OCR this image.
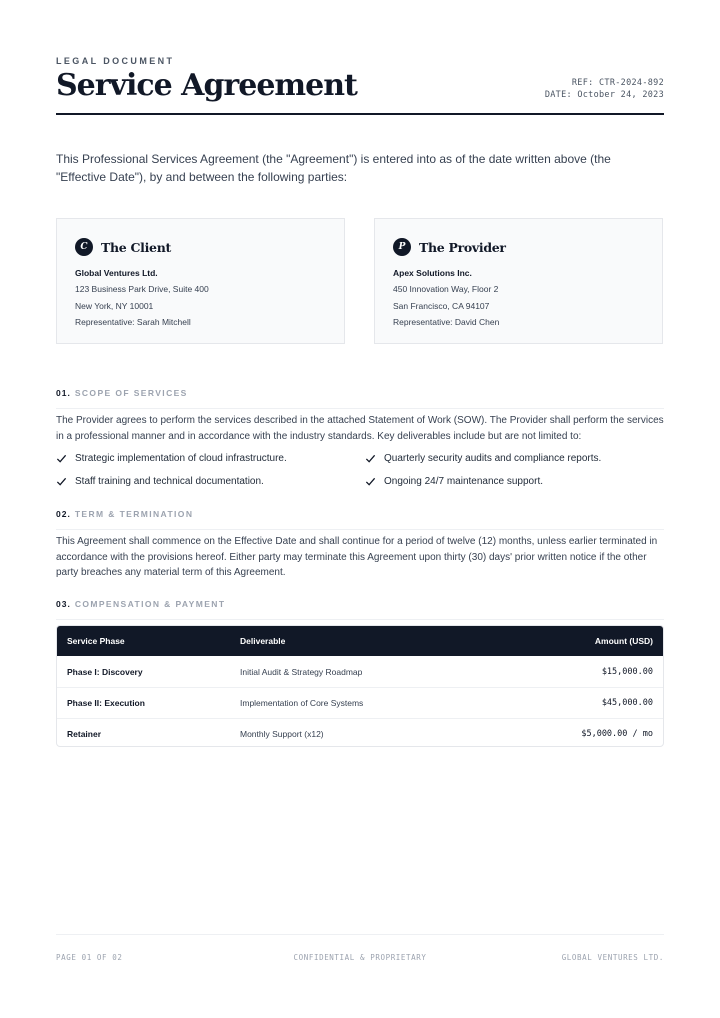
LEGAL DOCUMENT
Service Agreement	REF: CTR-2024-892
DATE: October 24, 2023

This Professional Services Agreement (the "Agreement") is entered into as of the date written above (the "Effective Date"), by and between the following parties:

C	The Client
Global Ventures Ltd.
123 Business Park Drive, Suite 400
New York, NY 10001
Representative: Sarah Mitchell
P	The Provider
Apex Solutions Inc.
450 Innovation Way, Floor 2
San Francisco, CA 94107
Representative: David Chen
01. SCOPE OF SERVICES

The Provider agrees to perform the services described in the attached Statement of Work (SOW). The Provider shall perform the services in a professional manner and in accordance with the industry standards. Key deliverables include but are not limited to:

Strategic implementation of cloud infrastructure.	Quarterly security audits and compliance reports.
Staff training and technical documentation.	Ongoing 24/7 maintenance support.
02. TERM & TERMINATION

This Agreement shall commence on the Effective Date and shall continue for a period of twelve (12) months, unless earlier terminated in accordance with the provisions hereof. Either party may terminate this Agreement upon thirty (30) days' prior written notice if the other party breaches any material term of this Agreement.

03. COMPENSATION & PAYMENT
Service Phase	Deliverable	Amount (USD)
Phase I: Discovery	Initial Audit & Strategy Roadmap	$15,000.00
Phase II: Execution	Implementation of Core Systems	$45,000.00
Retainer	Monthly Support (x12)	$5,000.00 / mo
PAGE 01 OF 02	CONFIDENTIAL & PROPRIETARY	GLOBAL VENTURES LTD.
